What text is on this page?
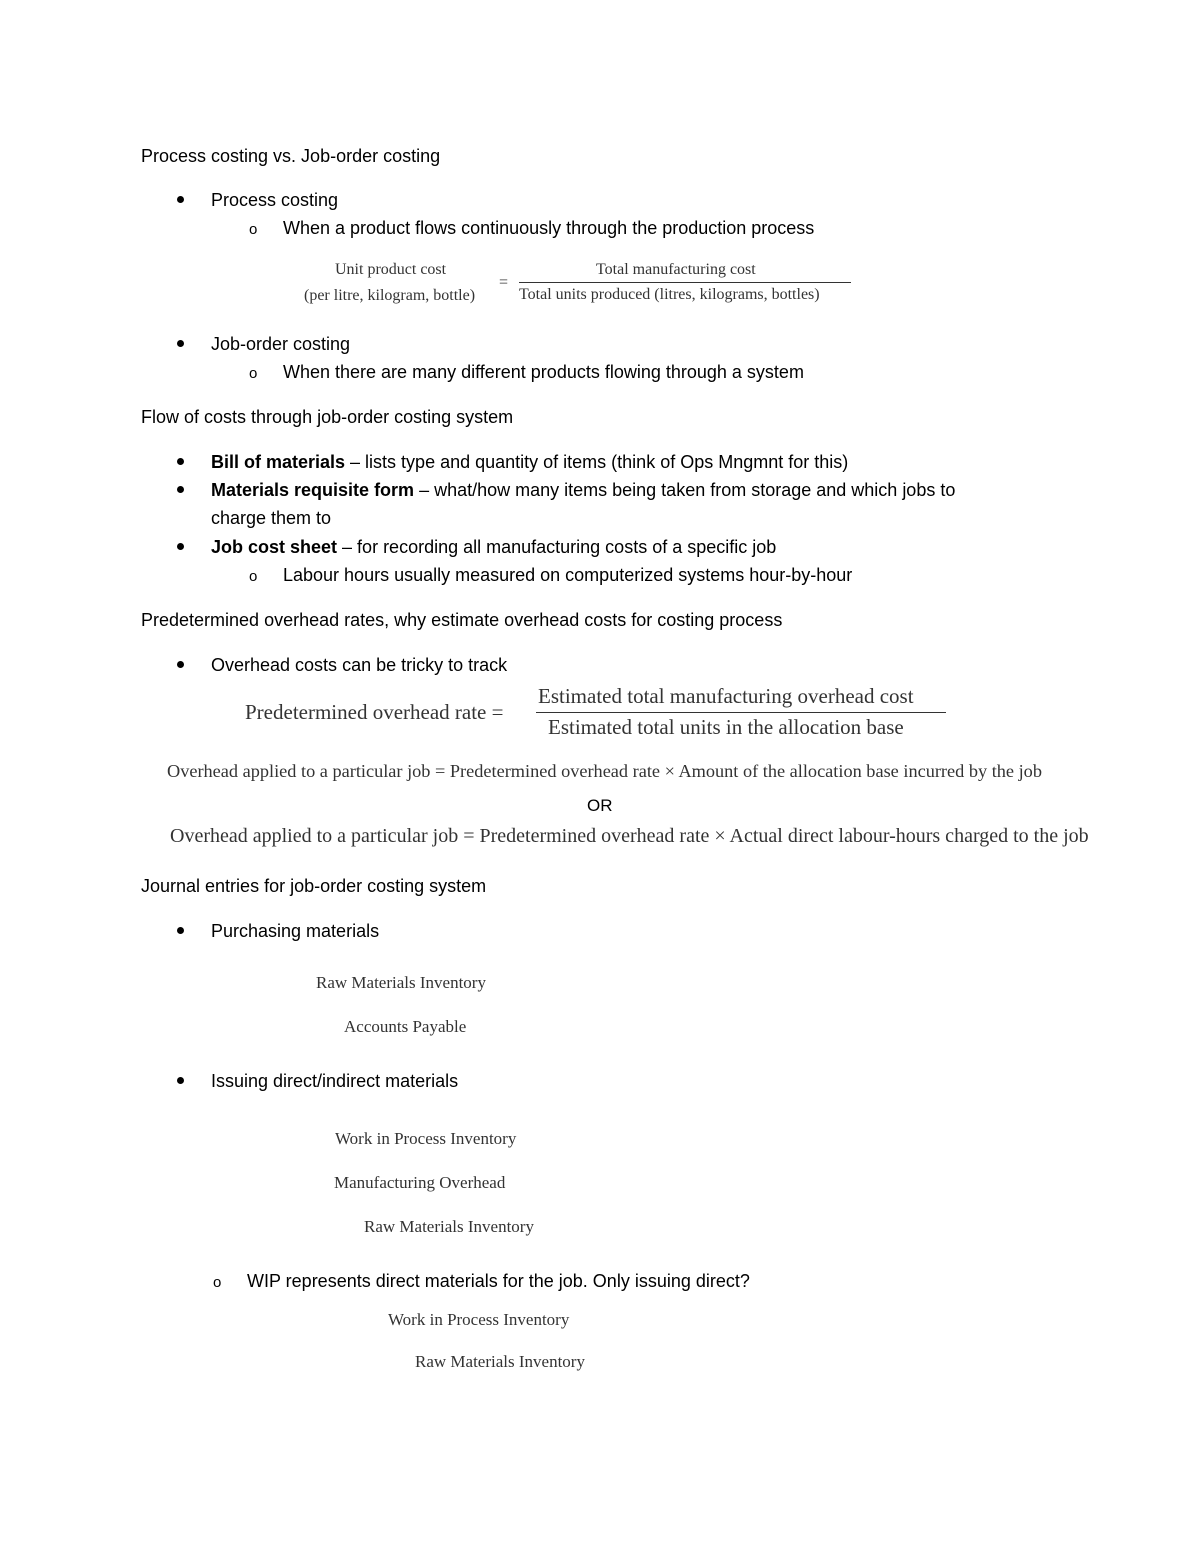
Process costing vs. Job-order costing
Process costing
o When a product flows continuously through the production process
Unit product cost
(per litre, kilogram, bottle)
=
Total manufacturing cost
Total units produced (litres, kilograms, bottles)
Job-order costing
o When there are many different products flowing through a system
Flow of costs through job-order costing system
Bill of materials – lists type and quantity of items (think of Ops Mngmnt for this)
Materials requisite form – what/how many items being taken from storage and which jobs to
charge them to
Job cost sheet – for recording all manufacturing costs of a specific job
o Labour hours usually measured on computerized systems hour-by-hour
Predetermined overhead rates, why estimate overhead costs for costing process
Overhead costs can be tricky to track
Predetermined overhead rate =
Estimated total manufacturing overhead cost
Estimated total units in the allocation base
Overhead applied to a particular job = Predetermined overhead rate × Amount of the allocation base incurred by the job
OR
Overhead applied to a particular job = Predetermined overhead rate × Actual direct labour-hours charged to the job
Journal entries for job-order costing system
Purchasing materials
Raw Materials Inventory
Accounts Payable
Issuing direct/indirect materials
Work in Process Inventory
Manufacturing Overhead
Raw Materials Inventory
o WIP represents direct materials for the job. Only issuing direct?
Work in Process Inventory
Raw Materials Inventory
